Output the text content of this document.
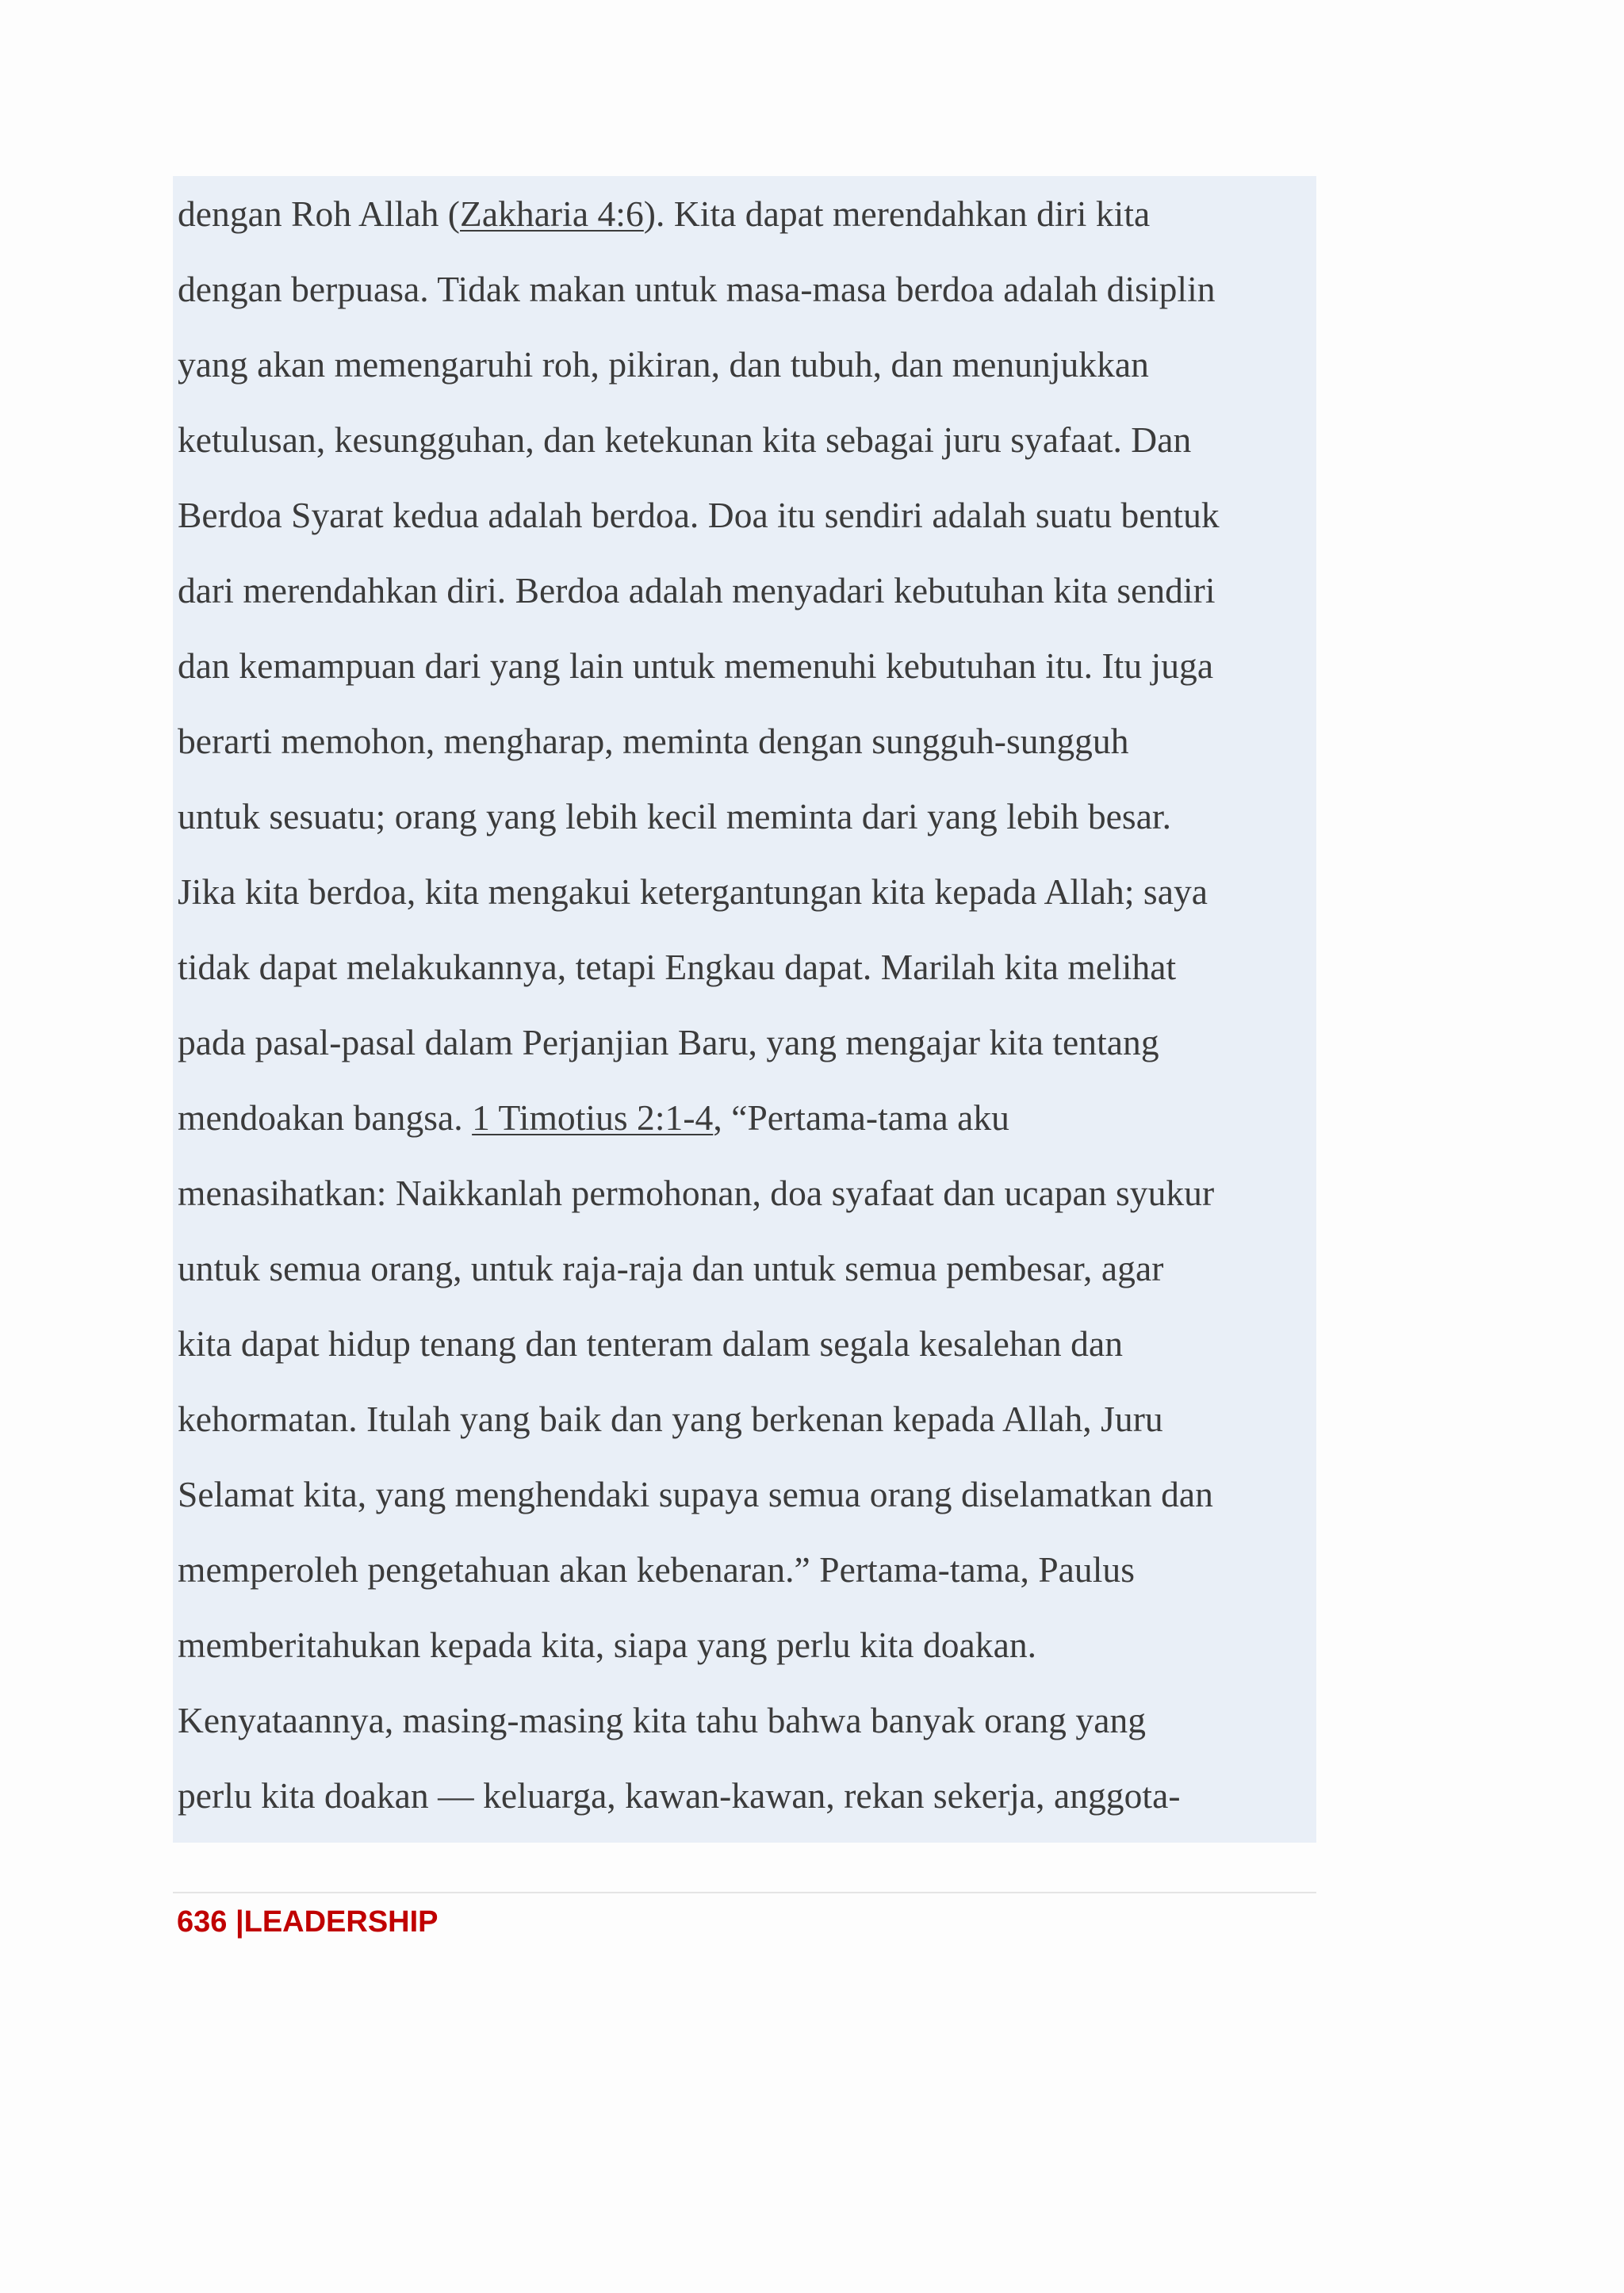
dengan Roh Allah (Zakharia 4:6). Kita dapat merendahkan diri kita
dengan berpuasa. Tidak makan untuk masa-masa berdoa adalah disiplin
yang akan memengaruhi roh, pikiran, dan tubuh, dan menunjukkan
ketulusan, kesungguhan, dan ketekunan kita sebagai juru syafaat. Dan
Berdoa Syarat kedua adalah berdoa. Doa itu sendiri adalah suatu bentuk
dari merendahkan diri. Berdoa adalah menyadari kebutuhan kita sendiri
dan kemampuan dari yang lain untuk memenuhi kebutuhan itu. Itu juga
berarti memohon, mengharap, meminta dengan sungguh-sungguh
untuk sesuatu; orang yang lebih kecil meminta dari yang lebih besar.
Jika kita berdoa, kita mengakui ketergantungan kita kepada Allah; saya
tidak dapat melakukannya, tetapi Engkau dapat. Marilah kita melihat
pada pasal-pasal dalam Perjanjian Baru, yang mengajar kita tentang
mendoakan bangsa. 1 Timotius 2:1-4, “Pertama-tama aku
menasihatkan: Naikkanlah permohonan, doa syafaat dan ucapan syukur
untuk semua orang, untuk raja-raja dan untuk semua pembesar, agar
kita dapat hidup tenang dan tenteram dalam segala kesalehan dan
kehormatan. Itulah yang baik dan yang berkenan kepada Allah, Juru
Selamat kita, yang menghendaki supaya semua orang diselamatkan dan
memperoleh pengetahuan akan kebenaran.” Pertama-tama, Paulus
memberitahukan kepada kita, siapa yang perlu kita doakan.
Kenyataannya, masing-masing kita tahu bahwa banyak orang yang
perlu kita doakan — keluarga, kawan-kawan, rekan sekerja, anggota-
636 |LEADERSHIP
